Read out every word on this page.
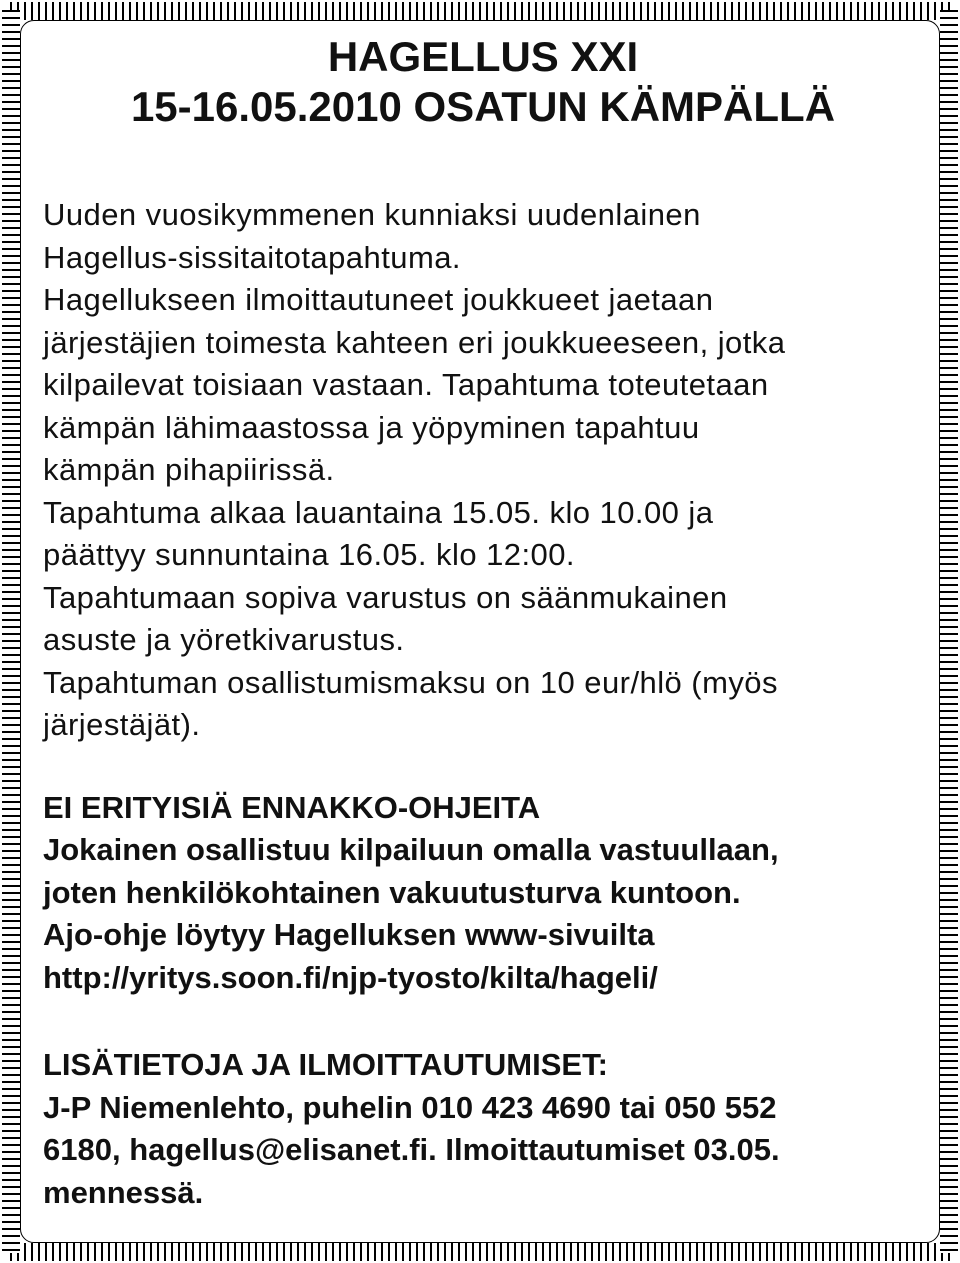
HAGELLUS XXI
15-16.05.2010 OSATUN KÄMPÄLLÄ

Uuden vuosikymmenen kunniaksi uudenlainen

Hagellus-sissitaitotapahtuma.

Hagellukseen ilmoittautuneet joukkueet jaetaan

järjestäjien toimesta kahteen eri joukkueeseen, jotka

kilpailevat toisiaan vastaan. Tapahtuma toteutetaan

kämpän lähimaastossa ja yöpyminen tapahtuu

kämpän pihapiirissä.

Tapahtuma alkaa lauantaina 15.05. klo 10.00 ja

päättyy sunnuntaina 16.05. klo 12:00.

Tapahtumaan sopiva varustus on säänmukainen

asuste ja yöretkivarustus.

Tapahtuman osallistumismaksu on 10 eur/hlö (myös

järjestäjät).

EI ERITYISIÄ ENNAKKO-OHJEITA

Jokainen osallistuu kilpailuun omalla vastuullaan,

joten henkilökohtainen vakuutusturva kuntoon.

Ajo-ohje löytyy Hagelluksen www-sivuilta

http://yritys.soon.fi/njp-tyosto/kilta/hageli/

LISÄTIETOJA JA ILMOITTAUTUMISET:

J-P Niemenlehto, puhelin 010 423 4690 tai 050 552

6180, hagellus@elisanet.fi. Ilmoittautumiset 03.05.

mennessä.
